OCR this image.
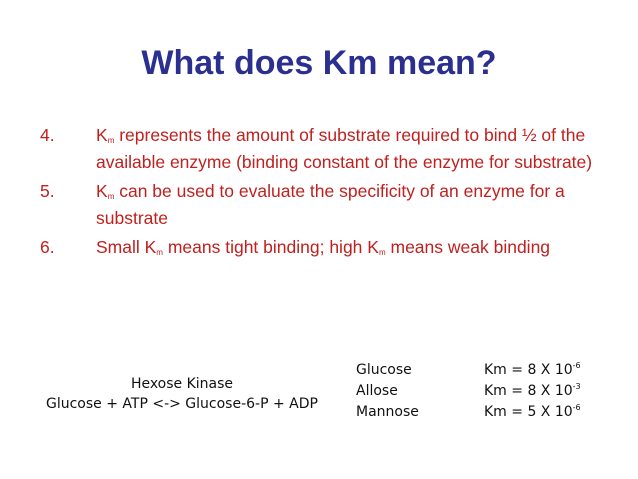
What does Km mean?
4. $K_m$ represents the amount of substrate required to bind ½ of the available enzyme (binding constant of the enzyme for substrate)
5. $K_m$ can be used to evaluate the specificity of an enzyme for a substrate
6. Small $K_m$ means tight binding; high $K_m$ means weak binding
Hexose Kinase
Glucose + ATP <-> Glucose-6-P + ADP
Glucose	Km = 8 X $10^{-6}$
Allose	Km = 8 X $10^{-3}$
Mannose	Km = 5 X $10^{-6}$
